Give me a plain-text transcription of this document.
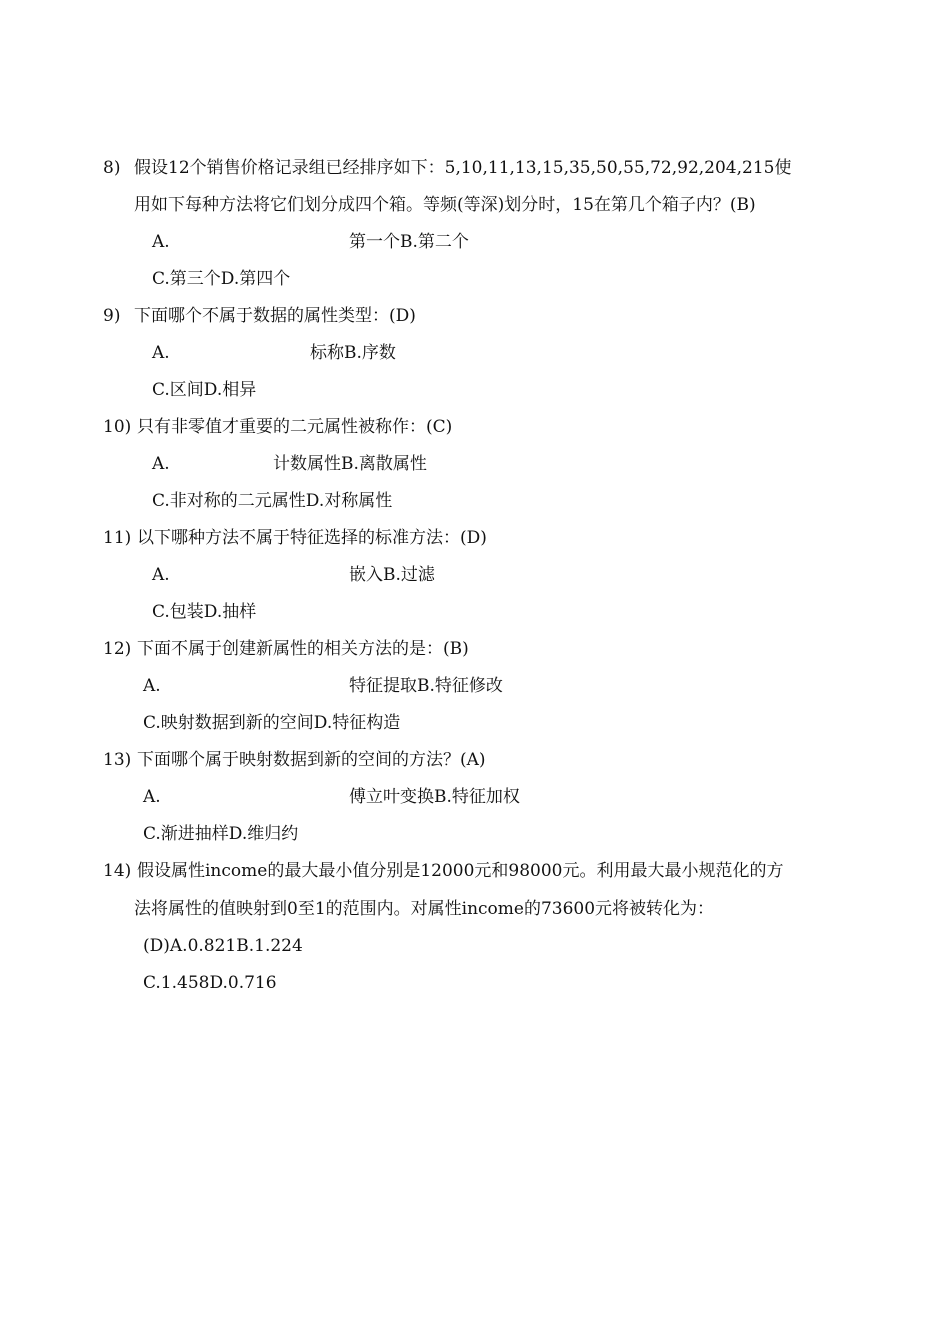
8) 假设12个销售价格记录组已经排序如下：5,10,11,13,15,35,50,55,72,92,204,215使
用如下每种方法将它们划分成四个箱。等频(等深)划分时，15在第几个箱子内？(B)
A.	第一个B.第二个
C.第三个D.第四个
9) 下面哪个不属于数据的属性类型：(D)
A.	标称B.序数
C.区间D.相异
10) 只有非零值才重要的二元属性被称作：(C)
A.	计数属性B.离散属性
C.非对称的二元属性D.对称属性
11) 以下哪种方法不属于特征选择的标准方法：(D)
A.	嵌入B.过滤
C.包装D.抽样
12) 下面不属于创建新属性的相关方法的是：(B)
A.	特征提取B.特征修改
C.映射数据到新的空间D.特征构造
13) 下面哪个属于映射数据到新的空间的方法？(A)
A.	傅立叶变换B.特征加权
C.渐进抽样D.维归约
14) 假设属性income的最大最小值分别是12000元和98000元。利用最大最小规范化的方
法将属性的值映射到0至1的范围内。对属性income的73600元将被转化为：
(D)A.0.821B.1.224
C.1.458D.0.716
